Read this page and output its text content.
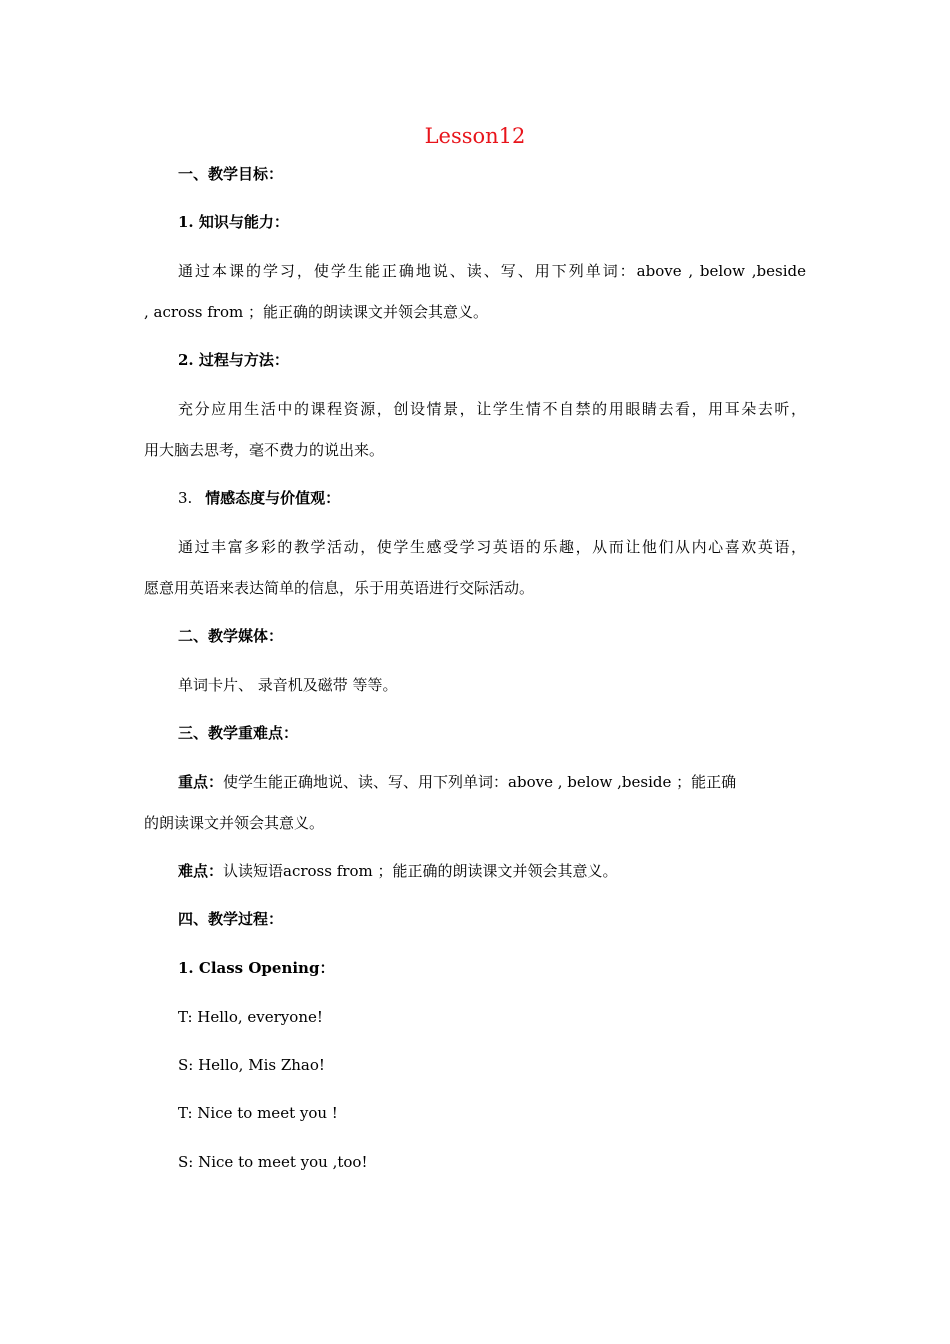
Lesson12
一、教学目标：
1. 知识与能力：
通过本课的学习，使学生能正确地说、读、写、用下列单词：above , below ,beside
, across from ；能正确的朗读课文并领会其意义。
2. 过程与方法：
充分应用生活中的课程资源，创设情景，让学生情不自禁的用眼睛去看，用耳朵去听，
用大脑去思考，毫不费力的说出来。
3. 情感态度与价值观：
通过丰富多彩的教学活动，使学生感受学习英语的乐趣，从而让他们从内心喜欢英语，
愿意用英语来表达简单的信息，乐于用英语进行交际活动。
二、教学媒体：
单词卡片、 录音机及磁带 等等。
三、教学重难点：
重点：使学生能正确地说、读、写、用下列单词：above , below ,beside ；能正确
的朗读课文并领会其意义。
难点：认读短语across from ；能正确的朗读课文并领会其意义。
四、教学过程：
1. Class Opening：
T: Hello, everyone!
S: Hello, Mis Zhao!
T: Nice to meet you !
S: Nice to meet you ,too!
